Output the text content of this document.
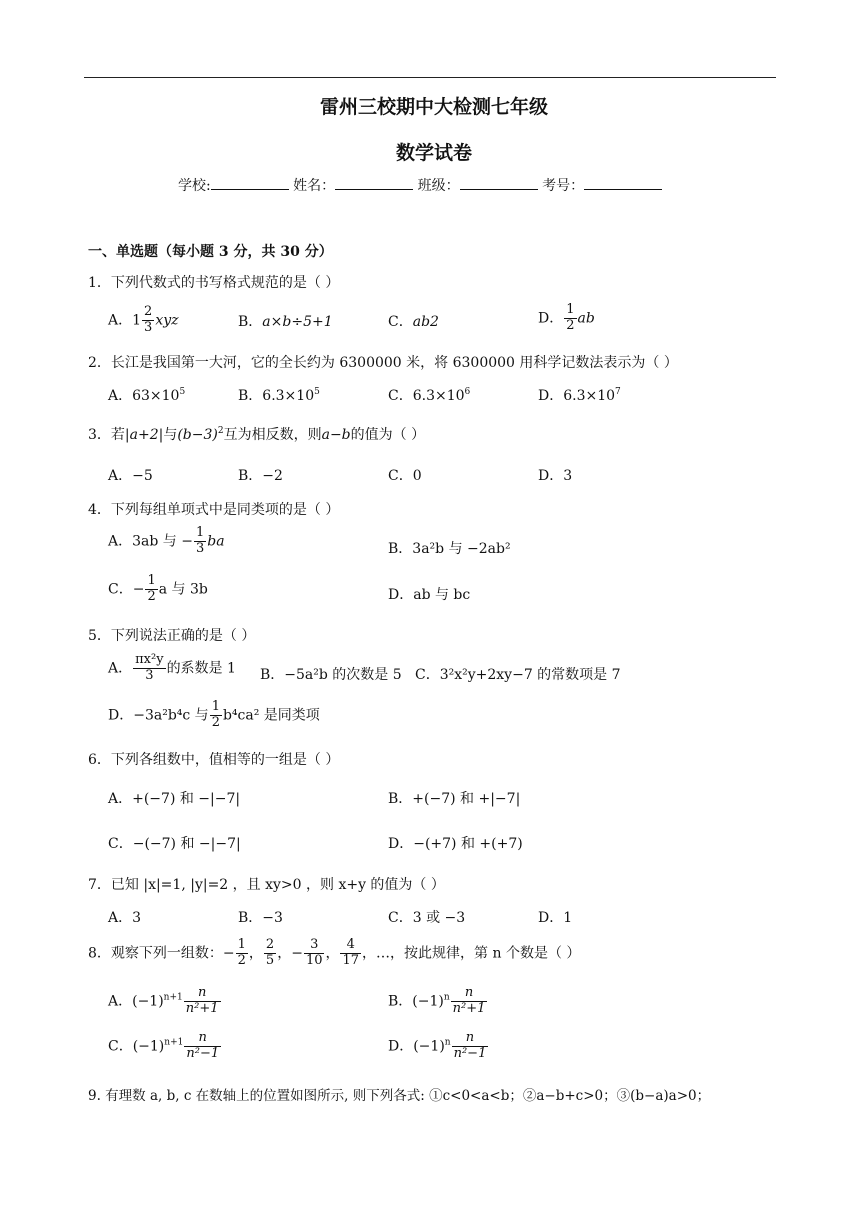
雷州三校期中大检测七年级
数学试卷
学校:	姓名：	班级：	考号：
一、单选题（每小题 3 分，共 30 分）
1．下列代数式的书写格式规范的是（ ）
A．$1 \frac{2}{3}$ xyz	B．a×b÷5+1	C．ab2	D． $\frac{1}{2}$ ab
2．长江是我国第一大河，它的全长约为 6300000 米，将 6300000 用科学记数法表示为（ ）
A．$63\times 10^5$	B．$6.3\times 10^5$	C．$6.3\times 10^6$	D．$6.3\times 10^7$
3．若|a+2|与$(b-3)^2$互为相反数，则a−b的值为（ ）
A．−5	B．−2	C．0	D．3
4．下列每组单项式中是同类项的是（ ）
A．3ab 与 − $\frac{1}{3}$ ba	B．3a²b 与 −2ab²
C．− $\frac{1}{2}$ a 与 3b	D．ab 与 bc
5．下列说法正确的是（ ）
A． $\frac{\text{πx²y}}{3}$ 的系数是 1 B．−5a²b 的次数是 5 C．3²x²y+2xy−7 的常数项是 7
D．−3a²b⁴c 与 $\frac{1}{2} b^4ca^2$ 是同类项
6．下列各组数中，值相等的一组是（ ）
A．+(−7) 和 −|−7|	B．+(−7) 和 +|−7|
C．−(−7) 和 −|−7|	D．−(+7) 和 +(+7)
7．已知 |x|=1, |y|=2 ，且 xy>0 ，则 x+y 的值为（ ）
A．3	B．−3	C．3 或 −3	D．1
8．观察下列一组数：− $\frac{1}{2}$ ， $\frac{2}{5}$ ，− $\frac{3}{10}$ ， $\frac{4}{17}$ ，…，按此规律，第 n 个数是（ ）
A．$(-1)^{n+1} \frac{n}{\text{n²+1}}$	B．$(-1)^n \frac{n}{\text{n²+1}}$
C．$(-1)^{n+1} \frac{n}{\text{n²−1}}$	D．$(-1)^n \frac{n}{\text{n²−1}}$
9. 有理数 a, b, c 在数轴上的位置如图所示, 则下列各式: ①c<0<a<b；②a−b+c>0；③(b−a)a>0；
